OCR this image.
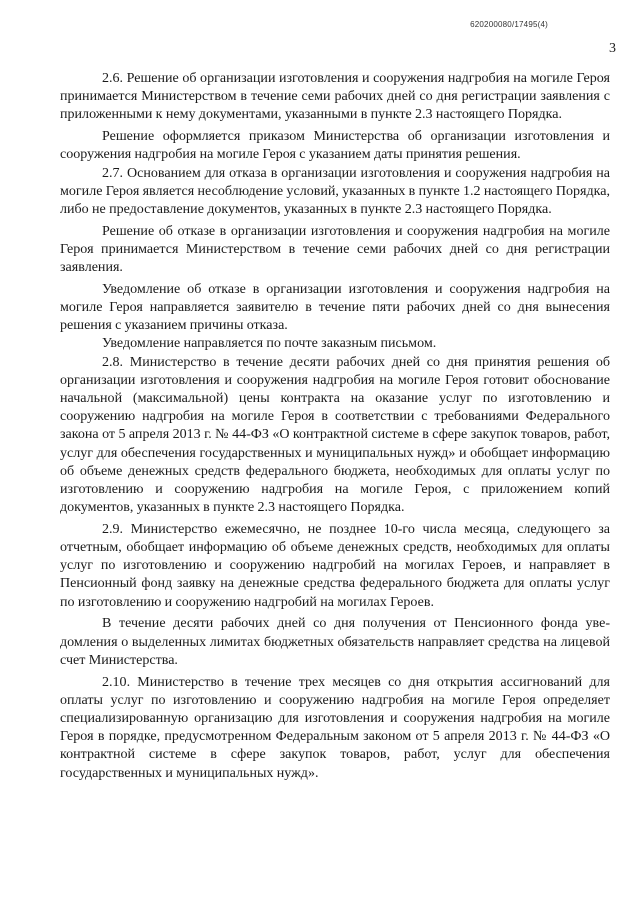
620200080/17495(4)
3

2.6. Решение об организации изготовления и сооружения надгробия на могиле Героя принимается Министерством в течение семи рабочих дней со дня регистрации заявления с приложенными к нему документами, указанными в пункте 2.3 настоящего Порядка.

Решение оформляется приказом Министерства об организации изготовления и сооружения надгробия на могиле Героя с указанием даты принятия решения.

2.7. Основанием для отказа в организации изготовления и сооружения надгробия на могиле Героя является несоблюдение условий, указанных в пункте 1.2 настоящего Порядка, либо не предоставление документов, указанных в пункте 2.3 настоящего Порядка.

Решение об отказе в организации изготовления и сооружения надгробия на могиле Героя принимается Министерством в течение семи рабочих дней со дня регистрации заявления.

Уведомление об отказе в организации изготовления и сооружения надгробия на могиле Героя направляется заявителю в течение пяти рабочих дней со дня вынесения решения с указанием причины отказа.

Уведомление направляется по почте заказным письмом.

2.8. Министерство в течение десяти рабочих дней со дня принятия решения об организации изготовления и сооружения надгробия на могиле Героя готовит обоснование начальной (максимальной) цены контракта на оказание услуг по изготовлению и сооружению надгробия на могиле Героя в соответствии с требованиями Федерального закона от 5 апреля 2013 г. № 44-ФЗ «О контрактной системе в сфере закупок товаров, работ, услуг для обеспечения государственных и муниципальных нужд» и обобщает информацию об объеме денежных средств федерального бюджета, необходимых для оплаты услуг по изготовлению и сооружению надгробия на могиле Героя, с приложением копий документов, указанных в пункте 2.3 настоящего Порядка.

2.9. Министерство ежемесячно, не позднее 10-го числа месяца, следующего за отчетным, обобщает информацию об объеме денежных средств, необходимых для оплаты услуг по изготовлению и сооружению надгробий на могилах Героев, и направляет в Пенсионный фонд заявку на денежные средства федерального бюджета для оплаты услуг по изготовлению и сооружению надгробий на могилах Героев.

В течение десяти рабочих дней со дня получения от Пенсионного фонда уведомления о выделенных лимитах бюджетных обязательств направляет средства на лицевой счет Министерства.

2.10. Министерство в течение трех месяцев со дня открытия ассигнований для оплаты услуг по изготовлению и сооружению надгробия на могиле Героя определяет специализированную организацию для изготовления и сооружения надгробия на могиле Героя в порядке, предусмотренном Федеральным законом от 5 апреля 2013 г. № 44-ФЗ «О контрактной системе в сфере закупок товаров, работ, услуг для обеспечения государственных и муниципальных нужд».
